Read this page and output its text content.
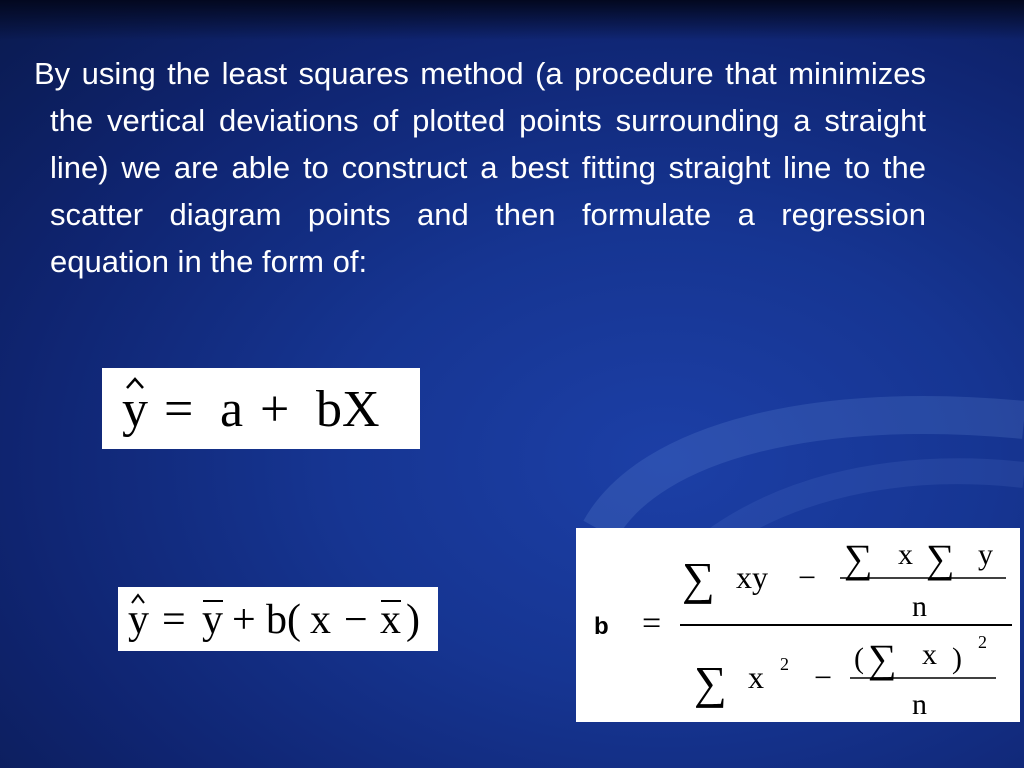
By using the least squares method (a procedure that minimizes the vertical deviations of plotted points surrounding a straight line) we are able to construct a best fitting straight line to the scatter diagram points and then formulate a regression equation in the form of:

y = a + bX
y = y + b( x − x )	b =
∑ xy − ∑ x ∑ y
n
∑ x 2 −
( ∑ x ) 2
n
